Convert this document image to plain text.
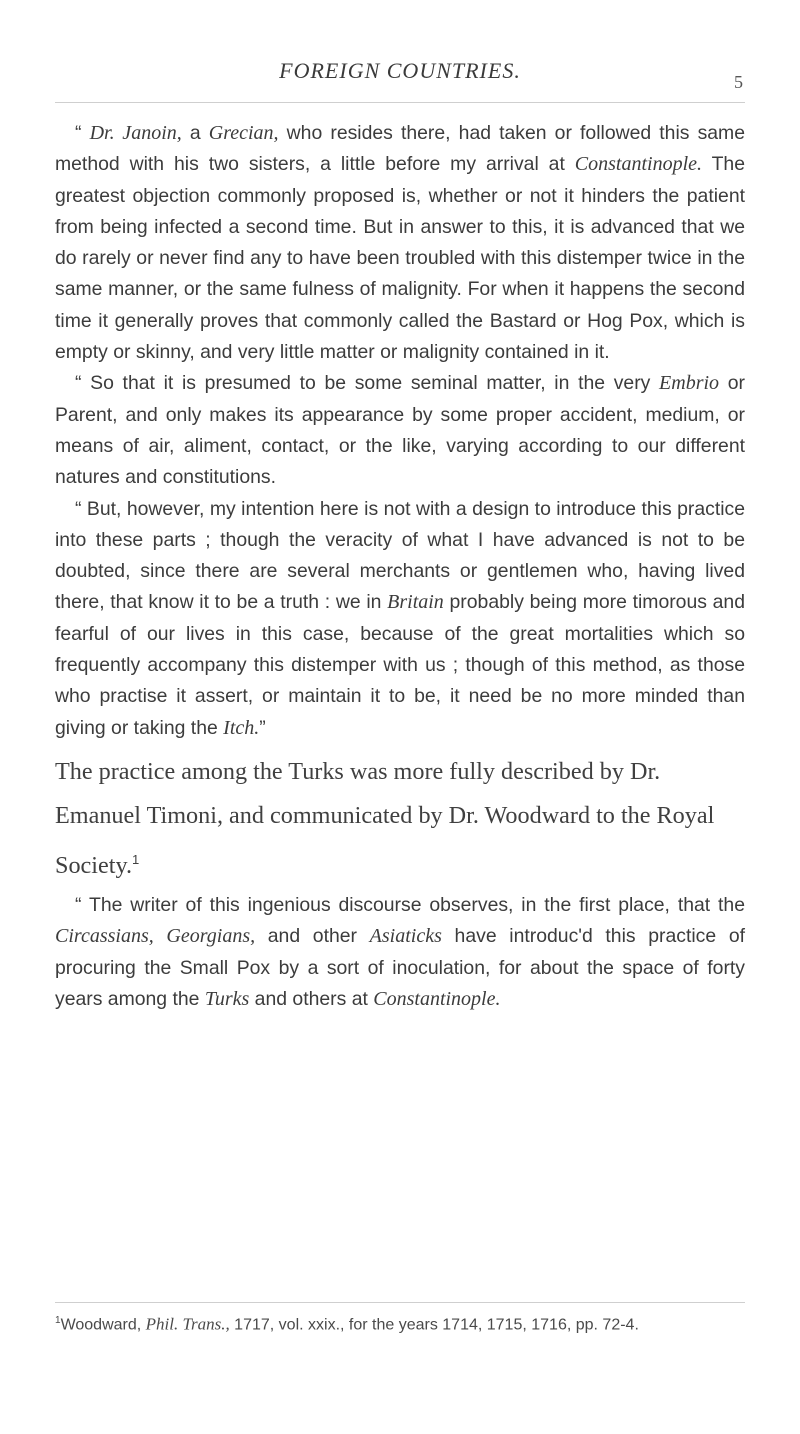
FOREIGN COUNTRIES.	5

“ Dr. Janoin, a Grecian, who resides there, had taken or followed this same method with his two sisters, a little before my arrival at Constantinople. The greatest objection commonly proposed is, whether or not it hinders the patient from being infected a second time. But in answer to this, it is advanced that we do rarely or never find any to have been troubled with this distemper twice in the same manner, or the same fulness of malignity. For when it happens the second time it generally proves that commonly called the Bastard or Hog Pox, which is empty or skinny, and very little matter or malignity contained in it.

“ So that it is presumed to be some seminal matter, in the very Embrio or Parent, and only makes its appearance by some proper accident, medium, or means of air, aliment, contact, or the like, varying according to our different natures and constitutions.

“ But, however, my intention here is not with a design to introduce this practice into these parts ; though the veracity of what I have advanced is not to be doubted, since there are several merchants or gentlemen who, having lived there, that know it to be a truth : we in Britain probably being more timorous and fearful of our lives in this case, because of the great mortalities which so frequently accompany this distemper with us ; though of this method, as those who practise it assert, or maintain it to be, it need be no more minded than giving or taking the Itch.”

The practice among the Turks was more fully described by Dr. Emanuel Timoni, and communicated by Dr. Woodward to the Royal Society.$^1$

“ The writer of this ingenious discourse observes, in the first place, that the Circassians, Georgians, and other Asiaticks have introduc'd this practice of procuring the Small Pox by a sort of inoculation, for about the space of forty years among the Turks and others at Constantinople.

$^1$Woodward, Phil. Trans., 1717, vol. xxix., for the years 1714, 1715, 1716, pp. 72-4.
